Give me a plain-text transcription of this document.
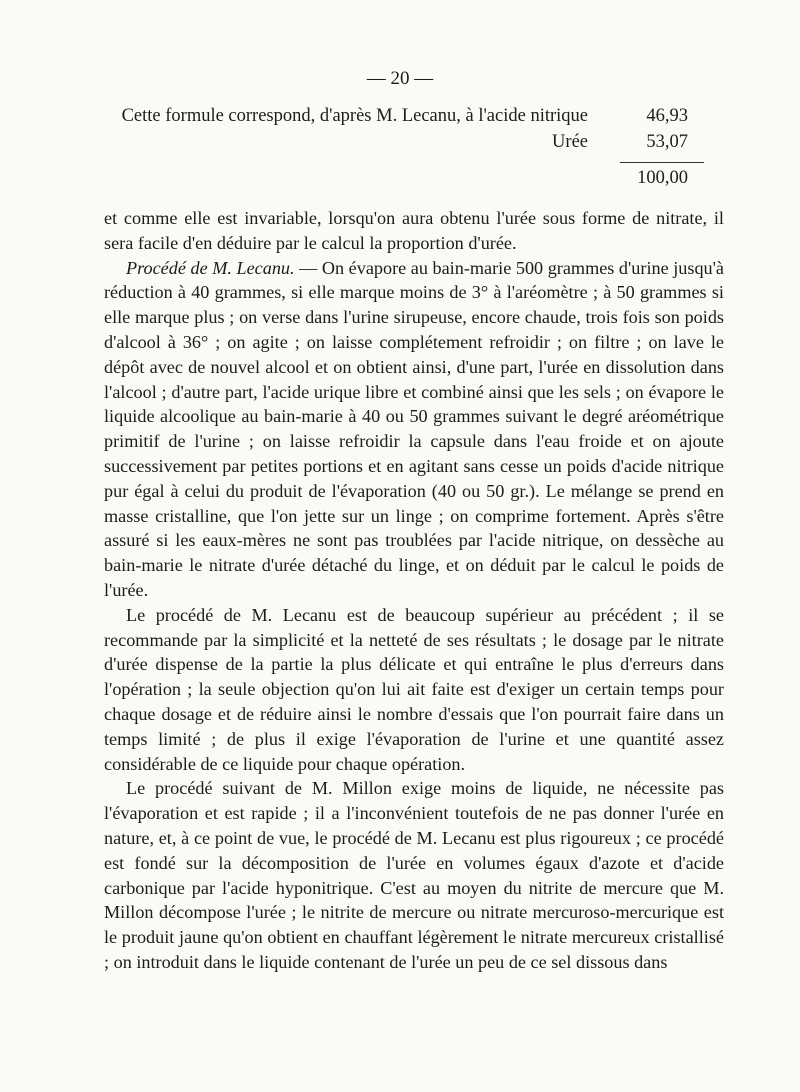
— 20 —
Cette formule correspond, d'après M. Lecanu, à l'acide nitrique	46,93
Urée	53,07
100,00

et comme elle est invariable, lorsqu'on aura obtenu l'urée sous forme de nitrate, il sera facile d'en déduire par le calcul la proportion d'urée.

Procédé de M. Lecanu. — On évapore au bain-marie 500 grammes d'urine jusqu'à réduction à 40 grammes, si elle marque moins de 3° à l'aréomètre ; à 50 grammes si elle marque plus ; on verse dans l'urine sirupeuse, encore chaude, trois fois son poids d'alcool à 36° ; on agite ; on laisse complétement refroidir ; on filtre ; on lave le dépôt avec de nouvel alcool et on obtient ainsi, d'une part, l'urée en dissolution dans l'alcool ; d'autre part, l'acide urique libre et combiné ainsi que les sels ; on évapore le liquide alcoolique au bain-marie à 40 ou 50 grammes suivant le degré aréométrique primitif de l'urine ; on laisse refroidir la capsule dans l'eau froide et on ajoute successivement par petites portions et en agitant sans cesse un poids d'acide nitrique pur égal à celui du produit de l'évaporation (40 ou 50 gr.). Le mélange se prend en masse cristalline, que l'on jette sur un linge ; on comprime fortement. Après s'être assuré si les eaux-mères ne sont pas troublées par l'acide nitrique, on dessèche au bain-marie le nitrate d'urée détaché du linge, et on déduit par le calcul le poids de l'urée.

Le procédé de M. Lecanu est de beaucoup supérieur au précédent ; il se recommande par la simplicité et la netteté de ses résultats ; le dosage par le nitrate d'urée dispense de la partie la plus délicate et qui entraîne le plus d'erreurs dans l'opération ; la seule objection qu'on lui ait faite est d'exiger un certain temps pour chaque dosage et de réduire ainsi le nombre d'essais que l'on pourrait faire dans un temps limité ; de plus il exige l'évaporation de l'urine et une quantité assez considérable de ce liquide pour chaque opération.

Le procédé suivant de M. Millon exige moins de liquide, ne nécessite pas l'évaporation et est rapide ; il a l'inconvénient toutefois de ne pas donner l'urée en nature, et, à ce point de vue, le procédé de M. Lecanu est plus rigoureux ; ce procédé est fondé sur la décomposition de l'urée en volumes égaux d'azote et d'acide carbonique par l'acide hyponitrique. C'est au moyen du nitrite de mercure que M. Millon décompose l'urée ; le nitrite de mercure ou nitrate mercuroso-mercurique est le produit jaune qu'on obtient en chauffant légèrement le nitrate mercureux cristallisé ; on introduit dans le liquide contenant de l'urée un peu de ce sel dissous dans
